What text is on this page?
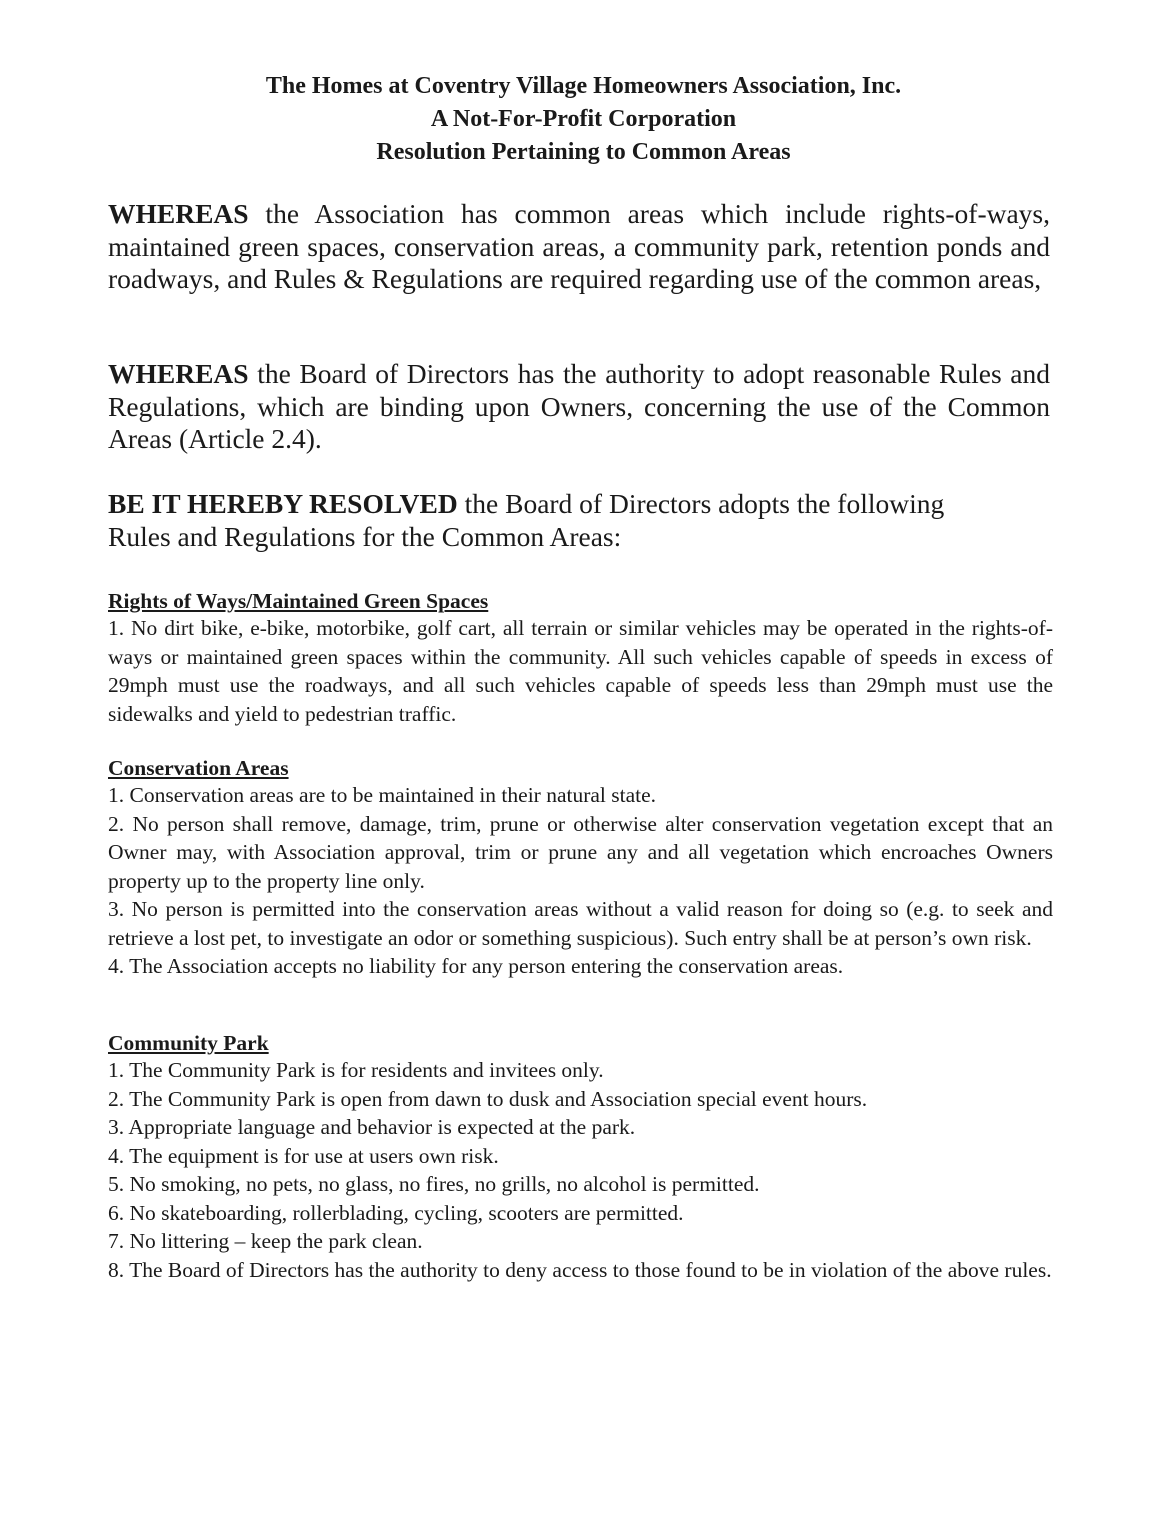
The Homes at Coventry Village Homeowners Association, Inc.
A Not-For-Profit Corporation
Resolution Pertaining to Common Areas
WHEREAS the Association has common areas which include rights-of-ways, maintained green spaces, conservation areas, a community park, retention ponds and roadways, and Rules & Regulations are required regarding use of the common areas,
WHEREAS the Board of Directors has the authority to adopt reasonable Rules and Regulations, which are binding upon Owners, concerning the use of the Common Areas (Article 2.4).
BE IT HEREBY RESOLVED the Board of Directors adopts the following Rules and Regulations for the Common Areas:
Rights of Ways/Maintained Green Spaces
1. No dirt bike, e-bike, motorbike, golf cart, all terrain or similar vehicles may be operated in the rights-of-ways or maintained green spaces within the community. All such vehicles capable of speeds in excess of 29mph must use the roadways, and all such vehicles capable of speeds less than 29mph must use the sidewalks and yield to pedestrian traffic.
Conservation Areas
1. Conservation areas are to be maintained in their natural state.
2. No person shall remove, damage, trim, prune or otherwise alter conservation vegetation except that an Owner may, with Association approval, trim or prune any and all vegetation which encroaches Owners property up to the property line only.
3. No person is permitted into the conservation areas without a valid reason for doing so (e.g. to seek and retrieve a lost pet, to investigate an odor or something suspicious). Such entry shall be at person’s own risk.
4. The Association accepts no liability for any person entering the conservation areas.
Community Park
1. The Community Park is for residents and invitees only.
2. The Community Park is open from dawn to dusk and Association special event hours.
3. Appropriate language and behavior is expected at the park.
4. The equipment is for use at users own risk.
5. No smoking, no pets, no glass, no fires, no grills, no alcohol is permitted.
6. No skateboarding, rollerblading, cycling, scooters are permitted.
7. No littering – keep the park clean.
8. The Board of Directors has the authority to deny access to those found to be in violation of the above rules.
